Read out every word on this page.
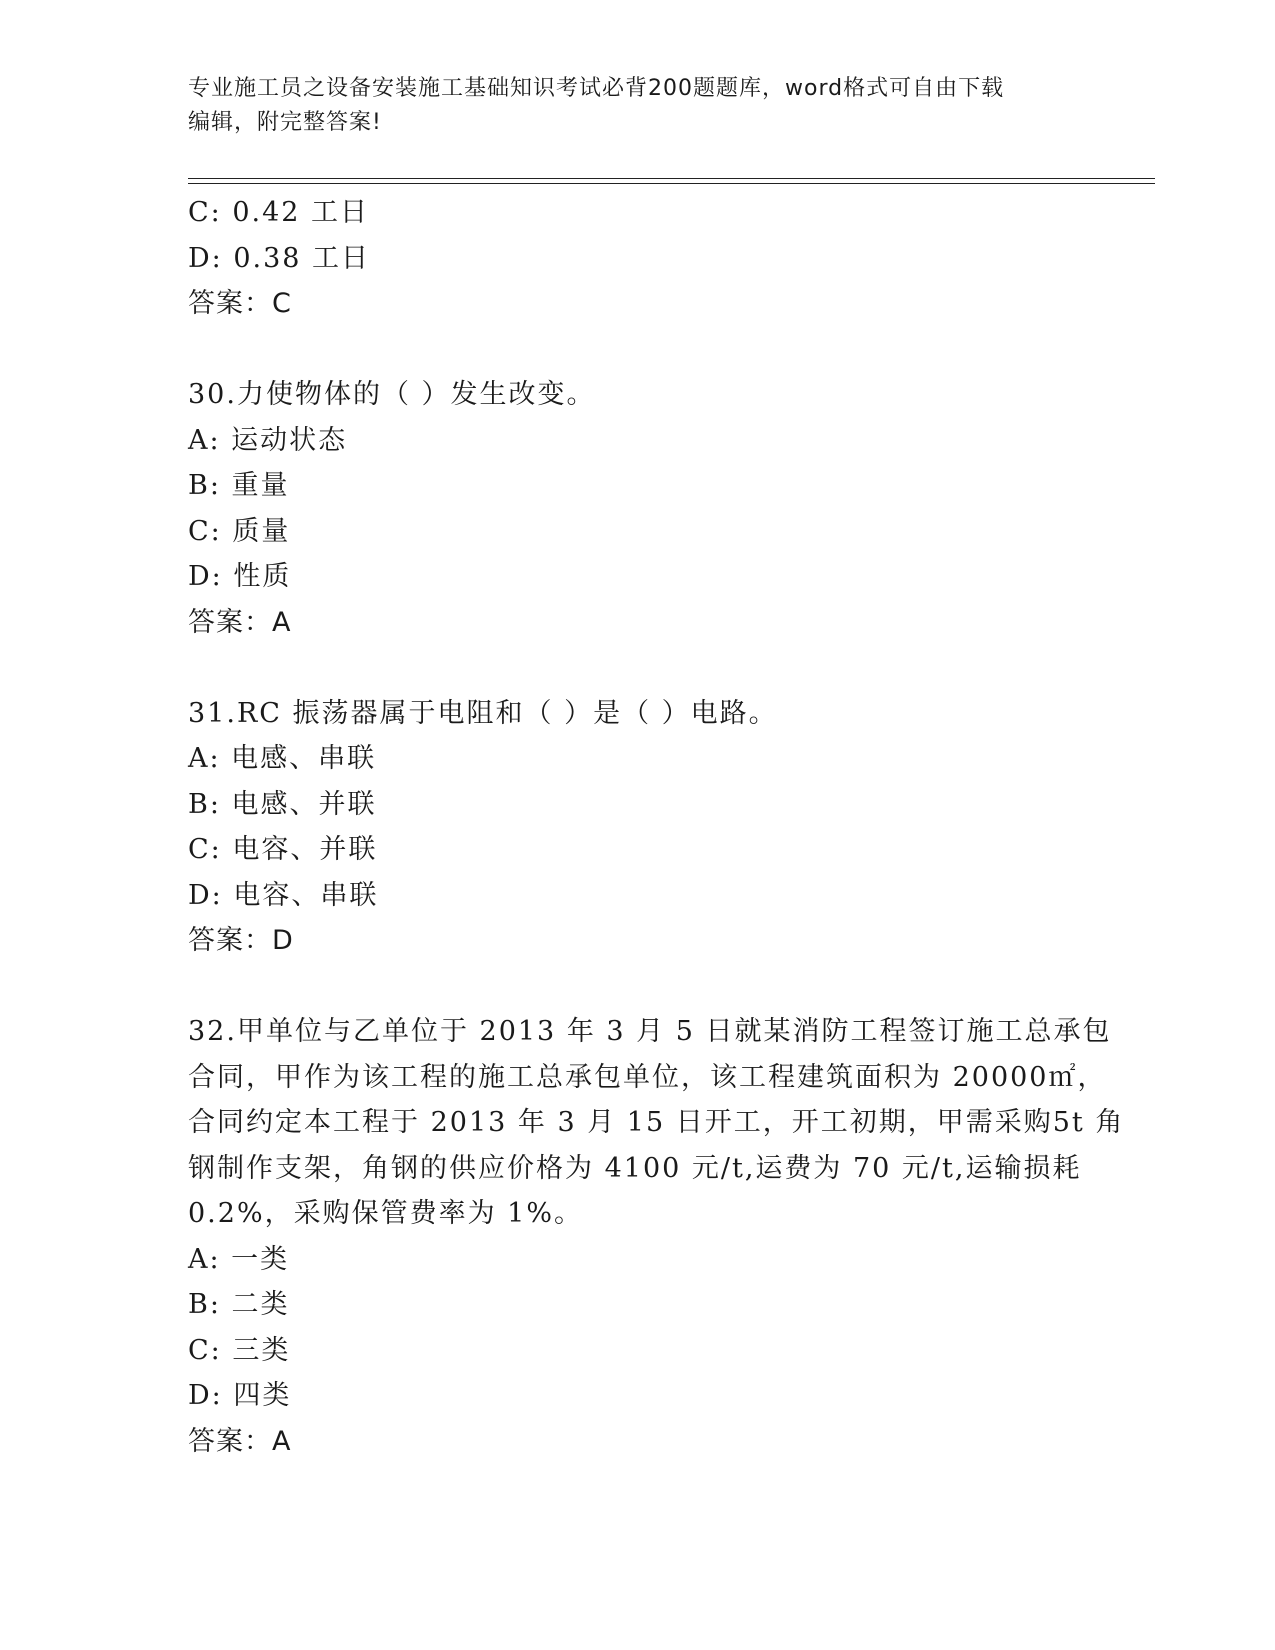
专业施工员之设备安装施工基础知识考试必背200题题库，word格式可自由下载
编辑，附完整答案!
C: 0.42 工日
D: 0.38 工日
答案：C
30.力使物体的（ ）发生改变。
A: 运动状态
B: 重量
C: 质量
D: 性质
答案：A
31.RC 振荡器属于电阻和（ ）是（ ）电路。
A: 电感、串联
B: 电感、并联
C: 电容、并联
D: 电容、串联
答案：D
32.甲单位与乙单位于 2013 年 3 月 5 日就某消防工程签订施工总承包
合同，甲作为该工程的施工总承包单位，该工程建筑面积为 20000㎡，
合同约定本工程于 2013 年 3 月 15 日开工，开工初期，甲需采购5t 角
钢制作支架，角钢的供应价格为 4100 元/t,运费为 70 元/t,运输损耗
0.2%，采购保管费率为 1%。
A: 一类
B: 二类
C: 三类
D: 四类
答案：A
